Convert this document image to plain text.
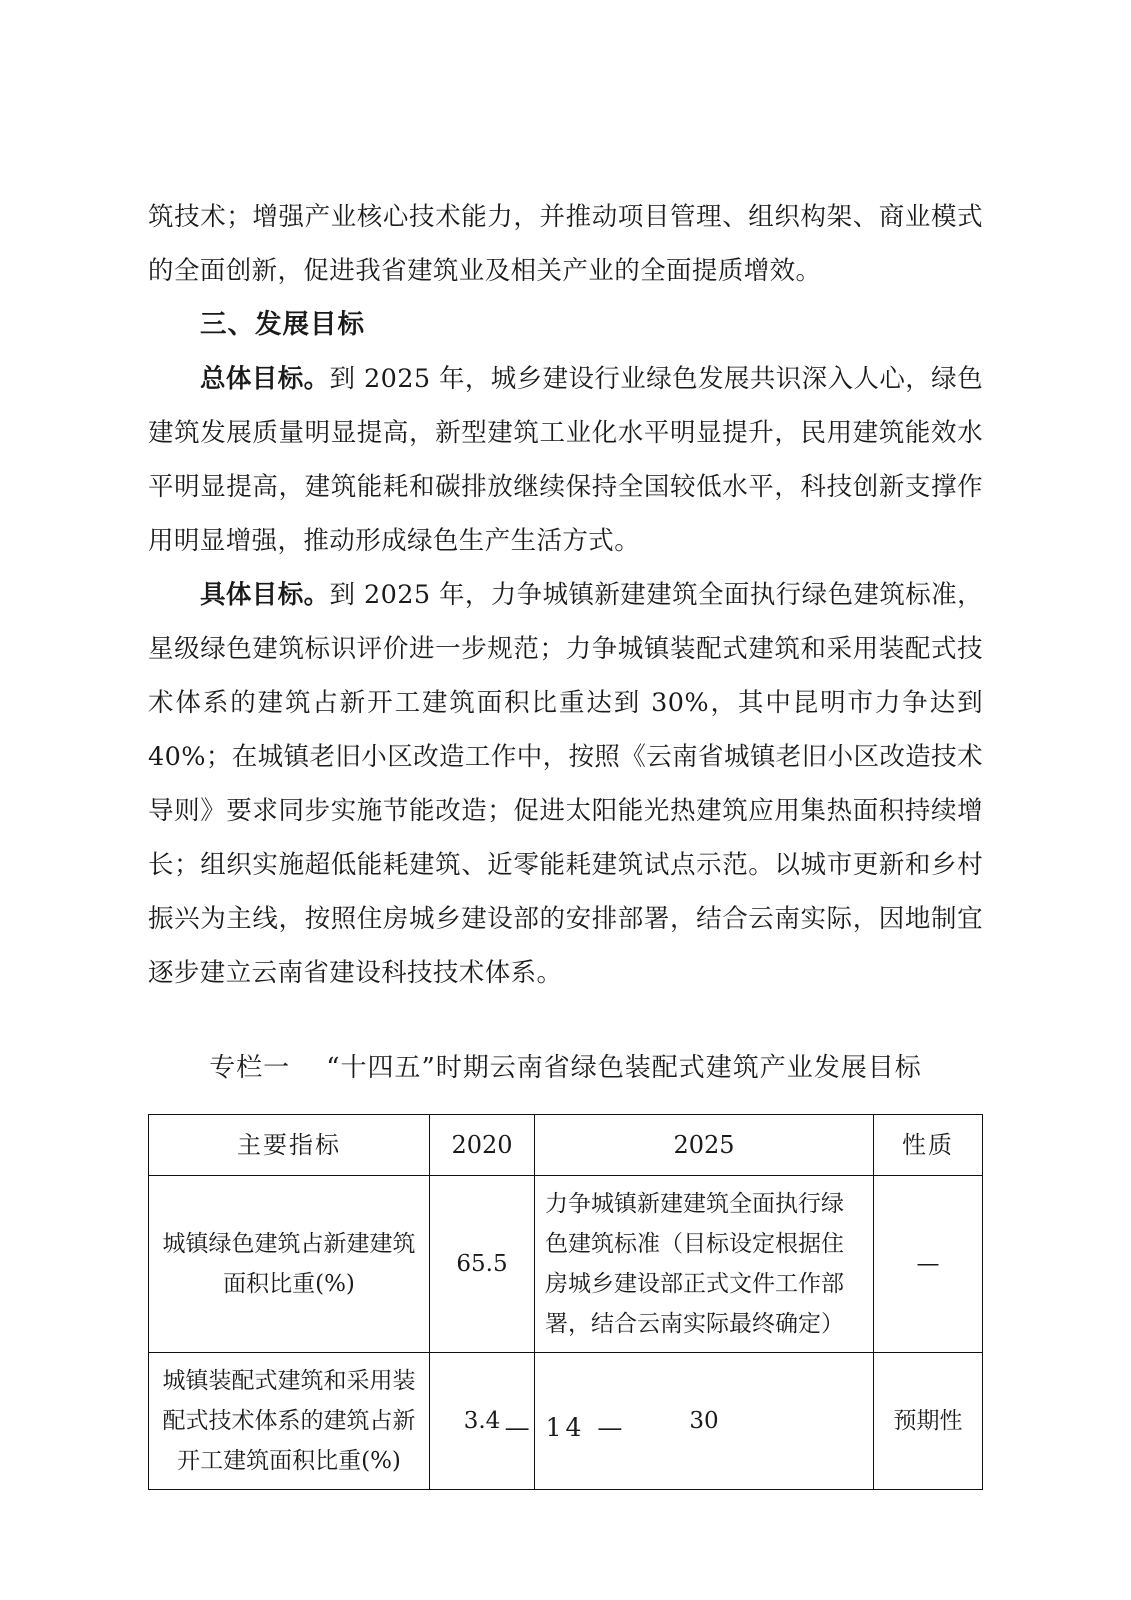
筑技术；增强产业核心技术能力，并推动项目管理、组织构架、商业模式的全面创新，促进我省建筑业及相关产业的全面提质增效。

三、发展目标

总体目标。到 2025 年，城乡建设行业绿色发展共识深入人心，绿色建筑发展质量明显提高，新型建筑工业化水平明显提升，民用建筑能效水平明显提高，建筑能耗和碳排放继续保持全国较低水平，科技创新支撑作用明显增强，推动形成绿色生产生活方式。

具体目标。到 2025 年，力争城镇新建建筑全面执行绿色建筑标准，星级绿色建筑标识评价进一步规范；力争城镇装配式建筑和采用装配式技术体系的建筑占新开工建筑面积比重达到 30%，其中昆明市力争达到 40%；在城镇老旧小区改造工作中，按照《云南省城镇老旧小区改造技术导则》要求同步实施节能改造；促进太阳能光热建筑应用集热面积持续增长；组织实施超低能耗建筑、近零能耗建筑试点示范。以城市更新和乡村振兴为主线，按照住房城乡建设部的安排部署，结合云南实际，因地制宜逐步建立云南省建设科技技术体系。

专栏一 “十四五”时期云南省绿色装配式建筑产业发展目标
主要指标	2020	2025	性质
城镇绿色建筑占新建建筑面积比重(%)	65.5	力争城镇新建建筑全面执行绿色建筑标准（目标设定根据住房城乡建设部正式文件工作部署，结合云南实际最终确定）	—
城镇装配式建筑和采用装配式技术体系的建筑占新开工建筑面积比重(%)	3.4	30	预期性
— 14 —
